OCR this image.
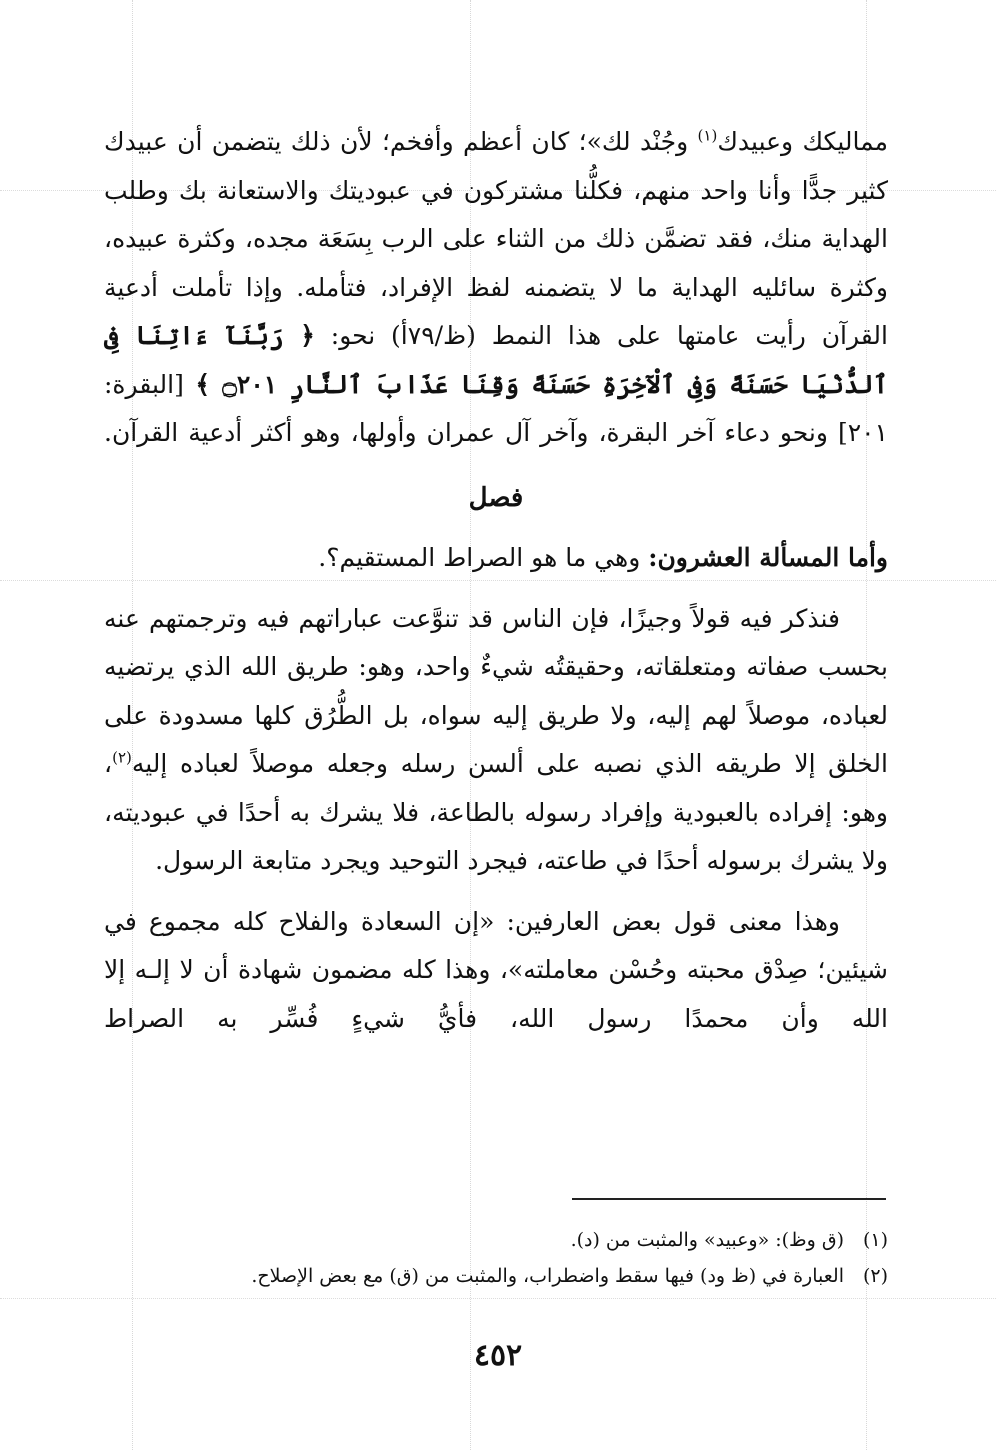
مماليكك وعبيدك$^{(١)}$ وجُنْد لك»؛ كان أعظم وأفخم؛ لأن ذلك يتضمن أن عبيدك كثير جدًّا وأنا واحد منهم، فكلُّنا مشتركون في عبوديتك والاستعانة بك وطلب الهداية منك، فقد تضمَّن ذلك من الثناء على الرب بِسَعَة مجده، وكثرة عبيده، وكثرة سائليه الهداية ما لا يتضمنه لفظ الإفراد، فتأمله. وإذا تأملت أدعية القرآن رأيت عامتها على هذا النمط (ظ/٧٩أ) نحو: ﴿ رَبَّنَآ ءَاتِنَا فِى ٱلدُّنْيَا حَسَنَةً وَفِى ٱلْآخِرَةِ حَسَنَةً وَقِنَا عَذَابَ ٱلنَّارِ ۝٢٠١ ﴾ [البقرة: ٢٠١] ونحو دعاء آخر البقرة، وآخر آل عمران وأولها، وهو أكثر أدعية القرآن.

فصل

وأما المسألة العشرون: وهي ما هو الصراط المستقيم؟.

فنذكر فيه قولاً وجيزًا، فإن الناس قد تنوَّعت عباراتهم فيه وترجمتهم عنه بحسب صفاته ومتعلقاته، وحقيقتُه شيءٌ واحد، وهو: طريق الله الذي يرتضيه لعباده، موصلاً لهم إليه، ولا طريق إليه سواه، بل الطُّرُق كلها مسدودة على الخلق إلا طريقه الذي نصبه على ألسن رسله وجعله موصلاً لعباده إليه$^{(٢)}$، وهو: إفراده بالعبودية وإفراد رسوله بالطاعة، فلا يشرك به أحدًا في عبوديته، ولا يشرك برسوله أحدًا في طاعته، فيجرد التوحيد ويجرد متابعة الرسول.

وهذا معنى قول بعض العارفين: «إن السعادة والفلاح كله مجموع في شيئين؛ صِدْق محبته وحُسْن معاملته»، وهذا كله مضمون شهادة أن لا إلـه إلا الله وأن محمدًا رسول الله، فأيُّ شيءٍ فُسِّر به الصراط

(١)(ق وظ): «وعبيد» والمثبت من (د).

(٢)العبارة في (ظ ود) فيها سقط واضطراب، والمثبت من (ق) مع بعض الإصلاح.

٤٥٢
